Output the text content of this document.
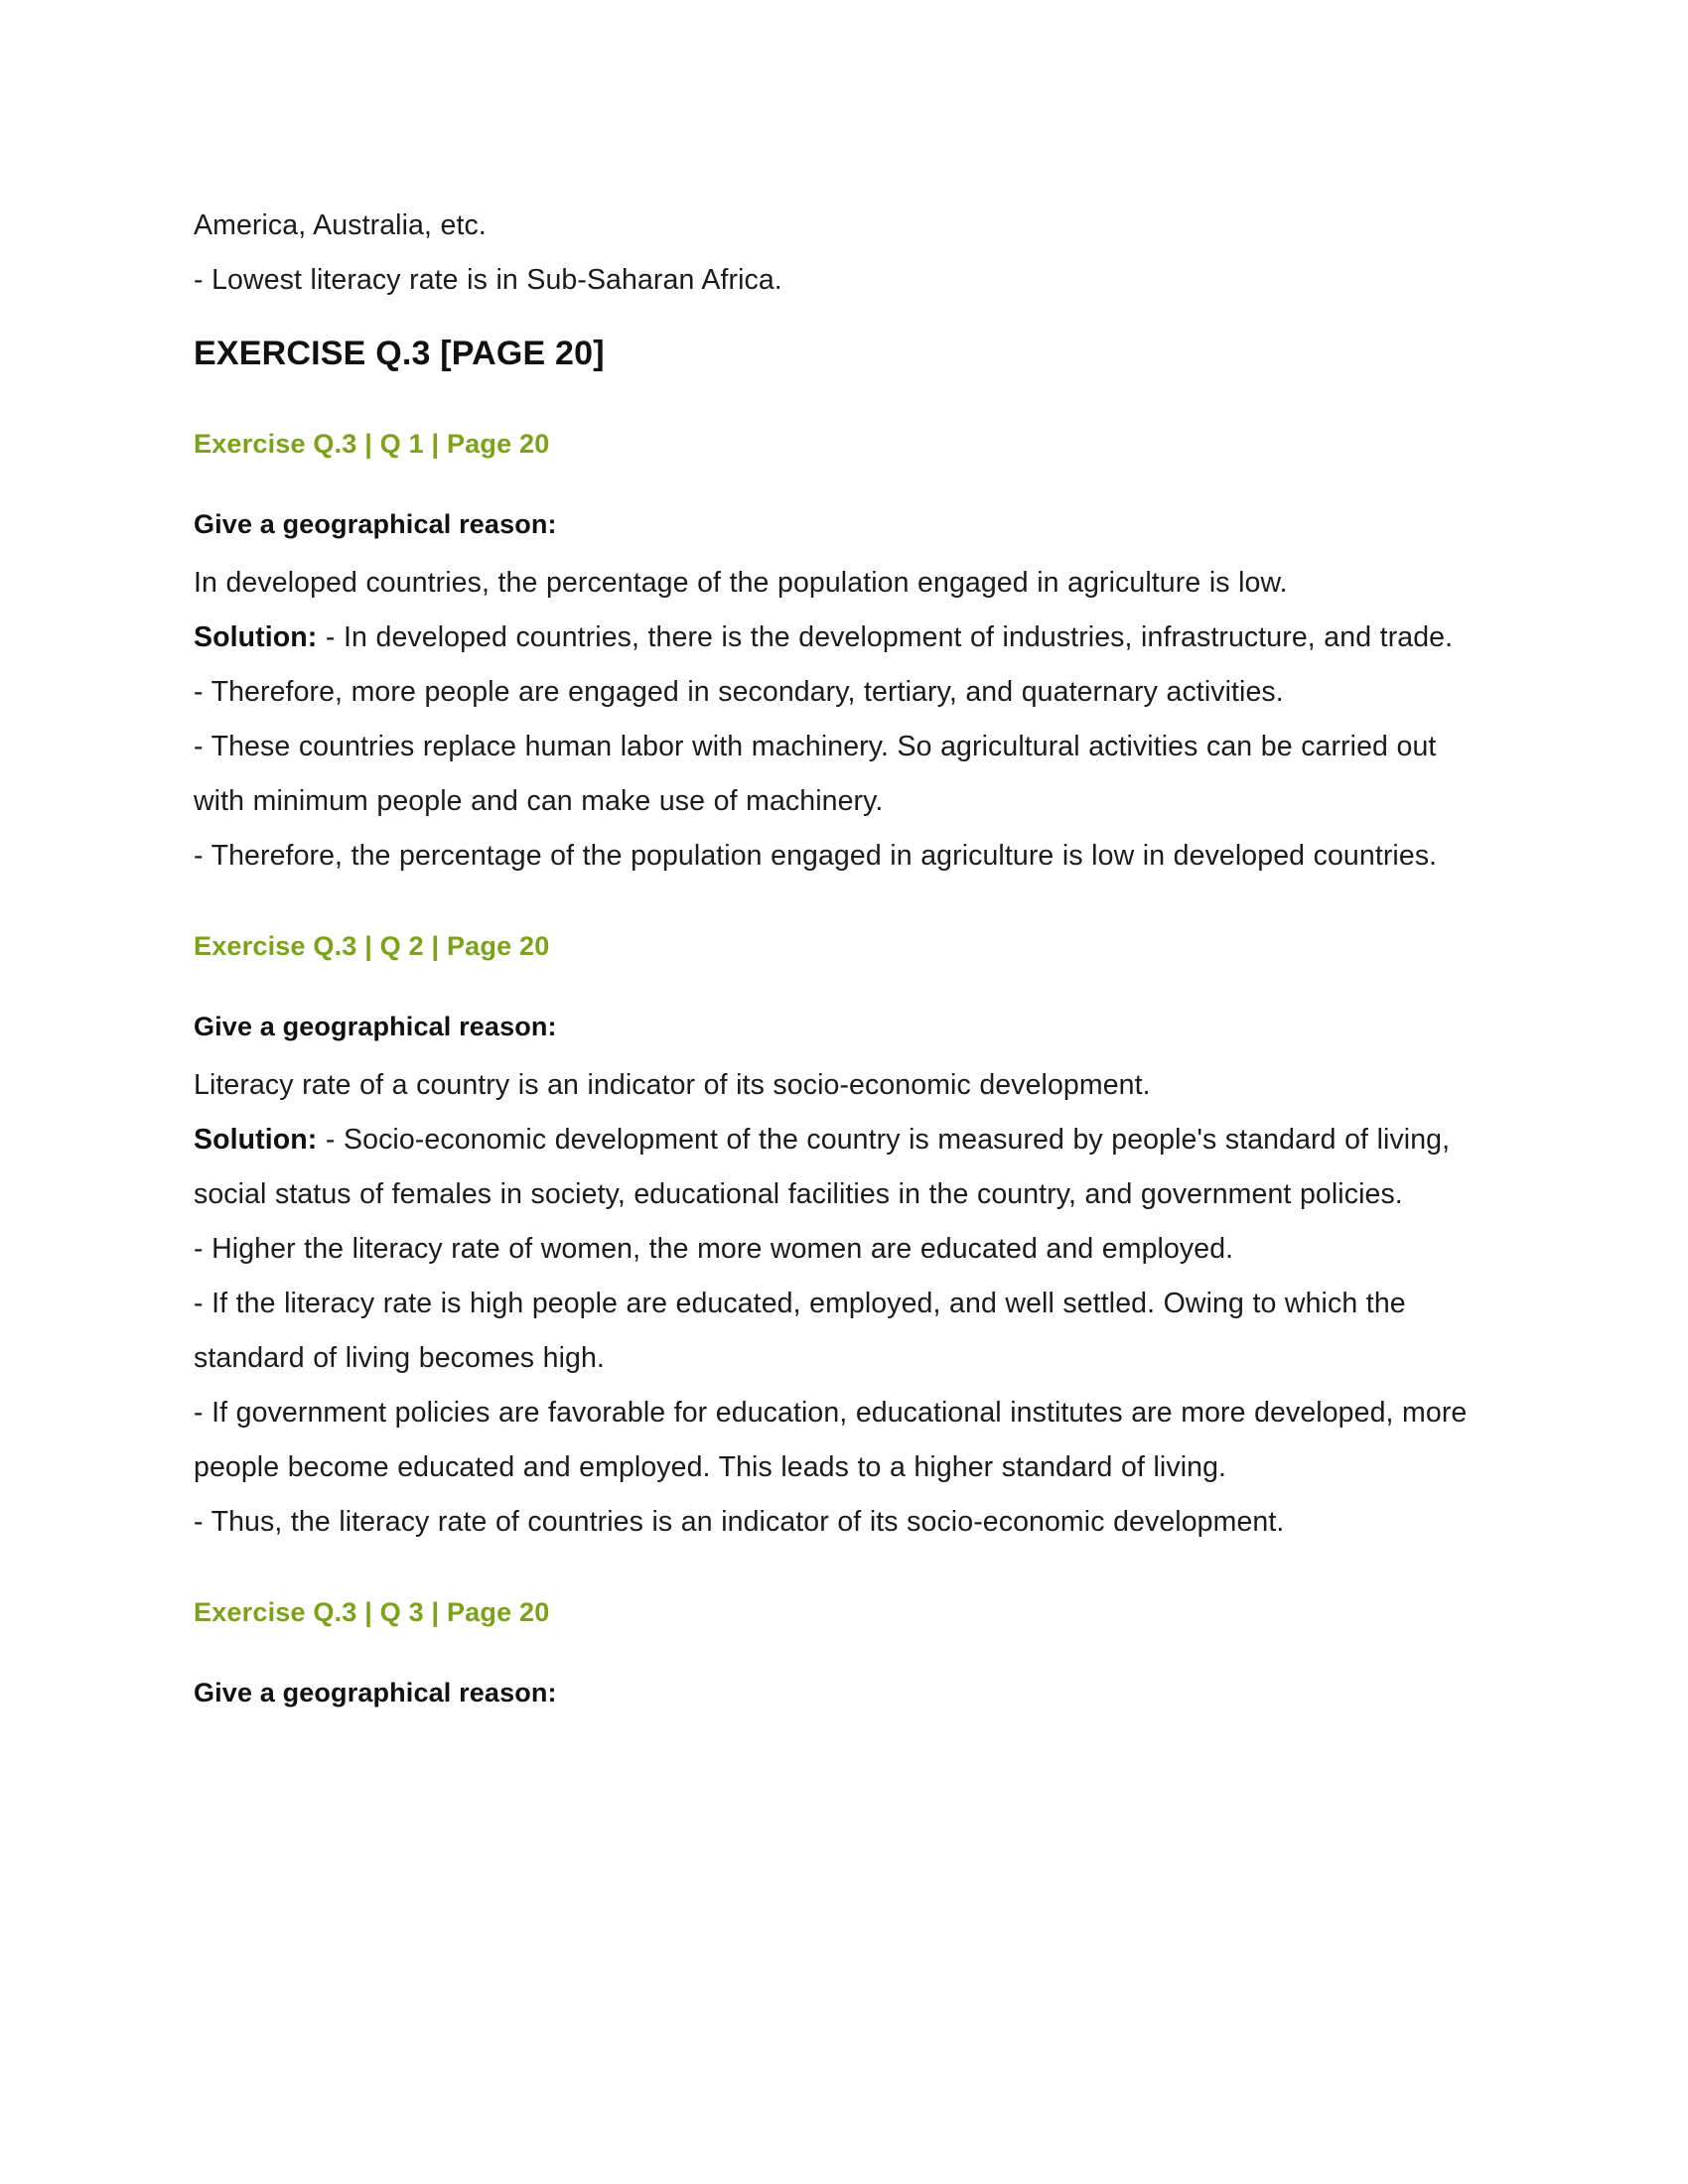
America, Australia, etc.

- Lowest literacy rate is in Sub-Saharan Africa.

EXERCISE Q.3 [PAGE 20]
Exercise Q.3 | Q 1 | Page 20

Give a geographical reason:

In developed countries, the percentage of the population engaged in agriculture is low.

Solution: - In developed countries, there is the development of industries, infrastructure, and trade.

- Therefore, more people are engaged in secondary, tertiary, and quaternary activities.

- These countries replace human labor with machinery. So agricultural activities can be carried out with minimum people and can make use of machinery.

- Therefore, the percentage of the population engaged in agriculture is low in developed countries.

Exercise Q.3 | Q 2 | Page 20

Give a geographical reason:

Literacy rate of a country is an indicator of its socio-economic development.

Solution: - Socio-economic development of the country is measured by people's standard of living, social status of females in society, educational facilities in the country, and government policies.

- Higher the literacy rate of women, the more women are educated and employed.

- If the literacy rate is high people are educated, employed, and well settled. Owing to which the standard of living becomes high.

- If government policies are favorable for education, educational institutes are more developed, more people become educated and employed. This leads to a higher standard of living.

- Thus, the literacy rate of countries is an indicator of its socio-economic development.

Exercise Q.3 | Q 3 | Page 20

Give a geographical reason:
